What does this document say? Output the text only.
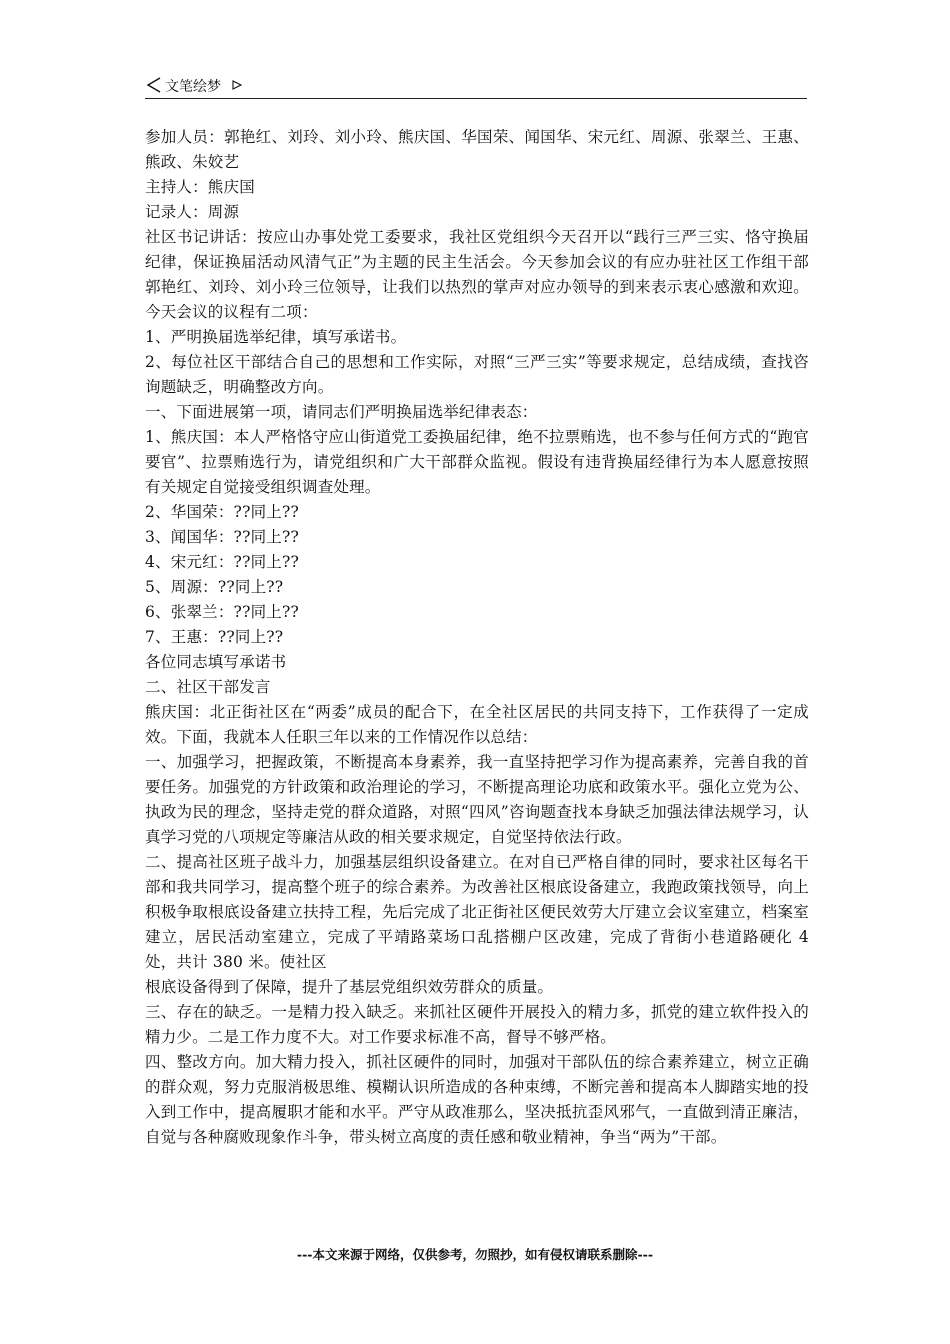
文笔绘梦

参加人员：郭艳红、刘玲、刘小玲、熊庆国、华国荣、闻国华、宋元红、周源、张翠兰、王惠、熊政、朱姣艺

主持人：熊庆国

记录人：周源

社区书记讲话：按应山办事处党工委要求，我社区党组织今天召开以“践行三严三实、恪守换届纪律，保证换届活动风清气正”为主题的民主生活会。今天参加会议的有应办驻社区工作组干部郭艳红、刘玲、刘小玲三位领导，让我们以热烈的掌声对应办领导的到来表示衷心感激和欢迎。今天会议的议程有二项：

1、严明换届选举纪律，填写承诺书。

2、每位社区干部结合自己的思想和工作实际，对照“三严三实”等要求规定，总结成绩，查找咨询题缺乏，明确整改方向。

一、下面进展第一项，请同志们严明换届选举纪律表态：

1、熊庆国：本人严格恪守应山街道党工委换届纪律，绝不拉票贿选，也不参与任何方式的“跑官要官”、拉票贿选行为，请党组织和广大干部群众监视。假设有违背换届经律行为本人愿意按照有关规定自觉接受组织调查处理。

2、华国荣：??同上??

3、闻国华：??同上??

4、宋元红：??同上??

5、周源：??同上??

6、张翠兰：??同上??

7、王惠：??同上??

各位同志填写承诺书

二、社区干部发言

熊庆国：北正街社区在“两委”成员的配合下，在全社区居民的共同支持下，工作获得了一定成效。下面，我就本人任职三年以来的工作情况作以总结：

一、加强学习，把握政策，不断提高本身素养，我一直坚持把学习作为提高素养，完善自我的首要任务。加强党的方针政策和政治理论的学习，不断提高理论功底和政策水平。强化立党为公、执政为民的理念，坚持走党的群众道路，对照“四风”咨询题查找本身缺乏加强法律法规学习，认真学习党的八项规定等廉洁从政的相关要求规定，自觉坚持依法行政。

二、提高社区班子战斗力，加强基层组织设备建立。在对自已严格自律的同时，要求社区每名干部和我共同学习，提高整个班子的综合素养。为改善社区根底设备建立，我跑政策找领导，向上积极争取根底设备建立扶持工程，先后完成了北正街社区便民效劳大厅建立会议室建立，档案室建立，居民活动室建立，完成了平靖路菜场口乱搭棚户区改建，完成了背街小巷道路硬化 4 处，共计 380 米。使社区

根底设备得到了保障，提升了基层党组织效劳群众的质量。

三、存在的缺乏。一是精力投入缺乏。来抓社区硬件开展投入的精力多，抓党的建立软件投入的精力少。二是工作力度不大。对工作要求标准不高，督导不够严格。

四、整改方向。加大精力投入，抓社区硬件的同时，加强对干部队伍的综合素养建立，树立正确的群众观，努力克服消极思维、模糊认识所造成的各种束缚，不断完善和提高本人脚踏实地的投入到工作中，提高履职才能和水平。严守从政准那么，坚决抵抗歪风邪气，一直做到清正廉洁，自觉与各种腐败现象作斗争，带头树立高度的责任感和敬业精神，争当“两为”干部。

---本文来源于网络，仅供参考，勿照抄，如有侵权请联系删除---
